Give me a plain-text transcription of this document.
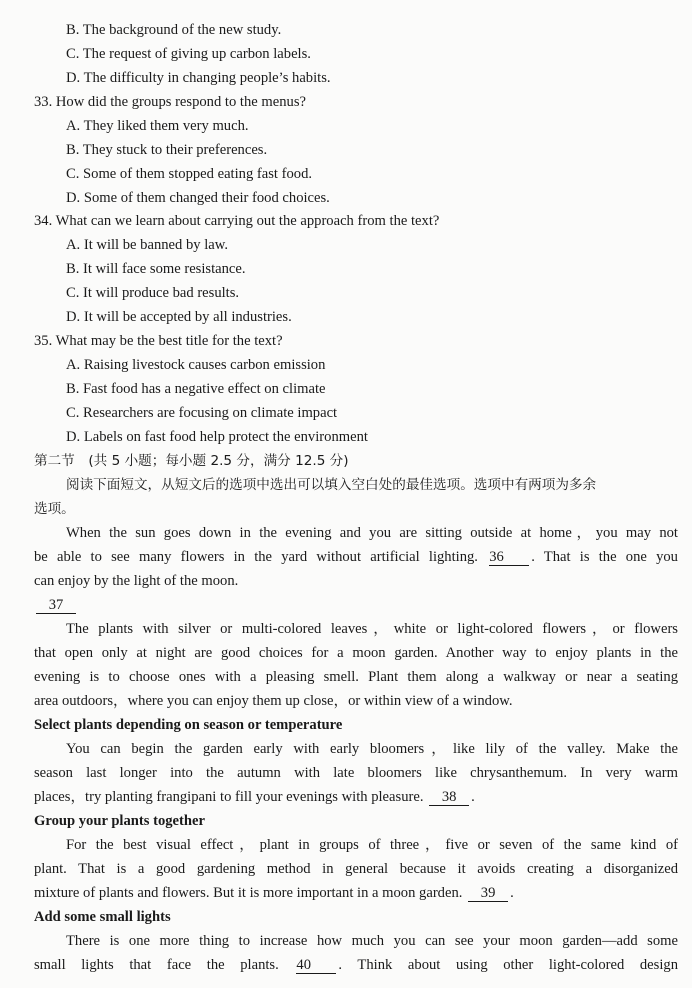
B. The background of the new study.
C. The request of giving up carbon labels.
D. The difficulty in changing people’s habits.
33. How did the groups respond to the menus?
A. They liked them very much.
B. They stuck to their preferences.
C. Some of them stopped eating fast food.
D. Some of them changed their food choices.
34. What can we learn about carrying out the approach from the text?
A. It will be banned by law.
B. It will face some resistance.
C. It will produce bad results.
D. It will be accepted by all industries.
35. What may be the best title for the text?
A. Raising livestock causes carbon emission
B. Fast food has a negative effect on climate
C. Researchers are focusing on climate impact
D. Labels on fast food help protect the environment
第二节　(共 5 小题；每小题 2.5 分，满分 12.5 分)
阅读下面短文，从短文后的选项中选出可以填入空白处的最佳选项。选项中有两项为多余
选项。
When the sun goes down in the evening and you are sitting outside at home，you may not
be able to see many flowers in the yard without artificial lighting. 36 . That is the one you
can enjoy by the light of the moon.
37
The plants with silver or multi-colored leaves，white or light-colored flowers，or flowers
that open only at night are good choices for a moon garden. Another way to enjoy plants in the
evening is to choose ones with a pleasing smell. Plant them along a walkway or near a seating
area outdoors，where you can enjoy them up close，or within view of a window.
Select plants depending on season or temperature
You can begin the garden early with early bloomers，like lily of the valley. Make the
season last longer into the autumn with late bloomers like chrysanthemum. In very warm
places，try planting frangipani to fill your evenings with pleasure. 38 .
Group your plants together
For the best visual effect，plant in groups of three，five or seven of the same kind of
plant. That is a good gardening method in general because it avoids creating a disorganized
mixture of plants and flowers. But it is more important in a moon garden. 39 .
Add some small lights
There is one more thing to increase how much you can see your moon garden—add some
small lights that face the plants. 40 . Think about using other light-colored design
